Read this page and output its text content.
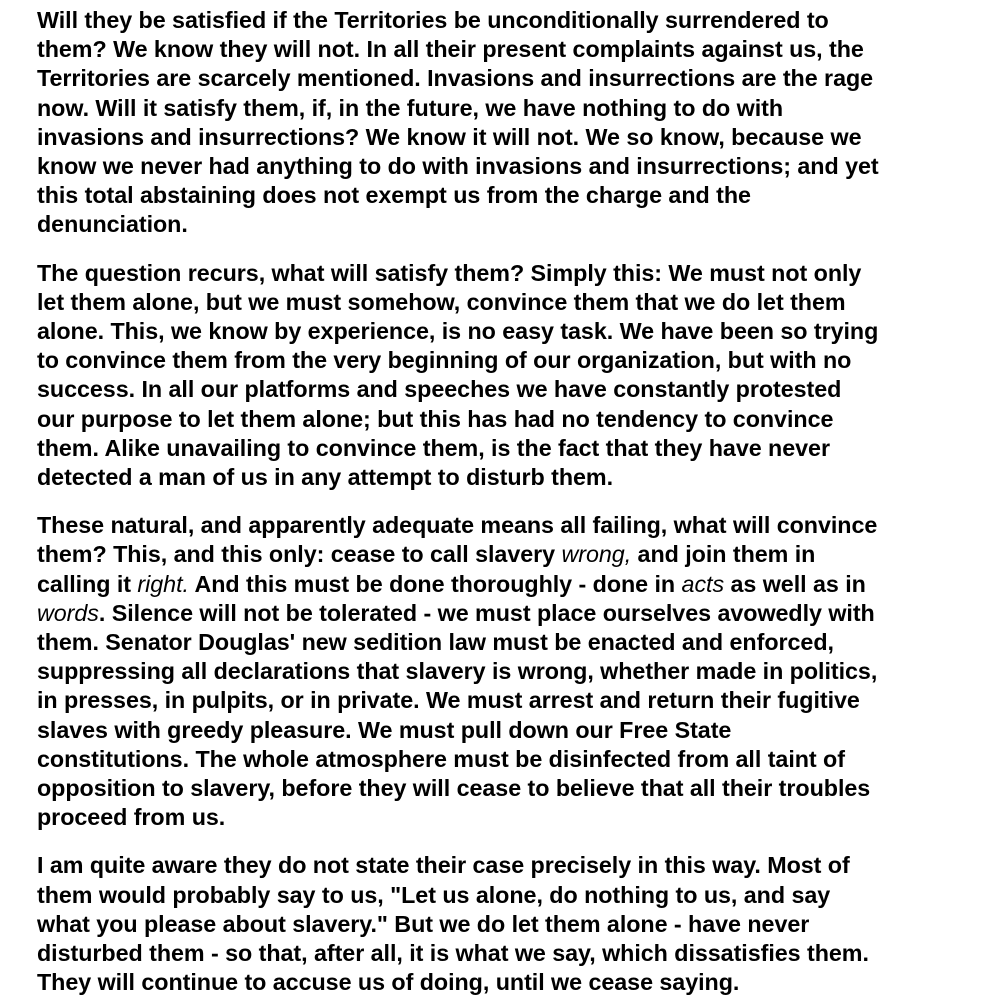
Will they be satisfied if the Territories be unconditionally surrendered to
them? We know they will not. In all their present complaints against us, the
Territories are scarcely mentioned. Invasions and insurrections are the rage
now. Will it satisfy them, if, in the future, we have nothing to do with
invasions and insurrections? We know it will not. We so know, because we
know we never had anything to do with invasions and insurrections; and yet
this total abstaining does not exempt us from the charge and the
denunciation.

The question recurs, what will satisfy them? Simply this: We must not only
let them alone, but we must somehow, convince them that we do let them
alone. This, we know by experience, is no easy task. We have been so trying
to convince them from the very beginning of our organization, but with no
success. In all our platforms and speeches we have constantly protested
our purpose to let them alone; but this has had no tendency to convince
them. Alike unavailing to convince them, is the fact that they have never
detected a man of us in any attempt to disturb them.

These natural, and apparently adequate means all failing, what will convince
them? This, and this only: cease to call slavery wrong, and join them in
calling it right. And this must be done thoroughly - done in acts as well as in
words. Silence will not be tolerated - we must place ourselves avowedly with
them. Senator Douglas' new sedition law must be enacted and enforced,
suppressing all declarations that slavery is wrong, whether made in politics,
in presses, in pulpits, or in private. We must arrest and return their fugitive
slaves with greedy pleasure. We must pull down our Free State
constitutions. The whole atmosphere must be disinfected from all taint of
opposition to slavery, before they will cease to believe that all their troubles
proceed from us.

I am quite aware they do not state their case precisely in this way. Most of
them would probably say to us, "Let us alone, do nothing to us, and say
what you please about slavery." But we do let them alone - have never
disturbed them - so that, after all, it is what we say, which dissatisfies them.
They will continue to accuse us of doing, until we cease saying.
